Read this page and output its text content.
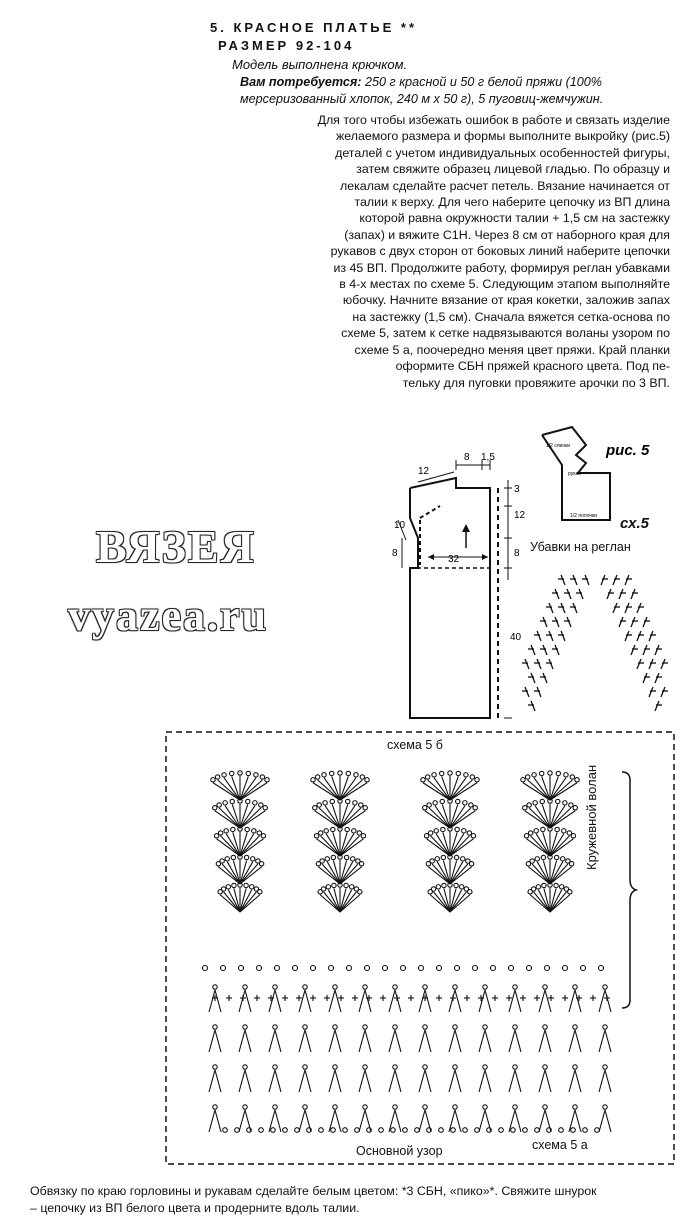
5. КРАСНОЕ ПЛАТЬЕ **
РАЗМЕР 92-104
Модель выполнена крючком.
Вам потребуется: 250 г красной и 50 г белой пряжи (100% мерсеризованный хлопок, 240 м х 50 г), 5 пуговиц-жемчужин.
Для того чтобы избежать ошибок в работе и связать изделие
желаемого размера и формы выполните выкройку (рис.5)
деталей с учетом индивидуальных особенностей фигуры,
затем свяжите образец лицевой гладью. По образцу и
лекалам сделайте расчет петель. Вязание начинается от
талии к верху. Для чего наберите цепочку из ВП длина
которой равна окружности талии + 1,5 см на застежку
(запах) и вяжите С1Н. Через 8 см от наборного края для
рукавов с двух сторон от боковых линий наберите цепочки
из 45 ВП. Продолжите работу, формируя реглан убавками
в 4-х местах по схеме 5. Следующим этапом выполняйте
юбочку. Начните вязание от края кокетки, заложив запах
на застежку (1,5 см). Сначала вяжется сетка-основа по
схеме 5, затем к сетке надвязываются воланы узором по
схеме 5 а, поочередно меняя цвет пряжи. Край планки
оформите СБН пряжей красного цвета. Под пе-
тельку для пуговки провяжите арочки по 3 ВП.
ВЯЗЕЯ
vyazea.ru
12
8 1,5
3
12
10
8
32
8
40
1/2 спинки
рукав
1/2 полочки
рис. 5
сх.5
Убавки на реглан
схема 5 б
Кружевной волан
Основной узор	схема 5 а
Обвязку по краю горловины и рукавам сделайте белым цветом: *3 СБН, «пико»*. Свяжите шнурок
– цепочку из ВП белого цвета и продерните вдоль талии.
